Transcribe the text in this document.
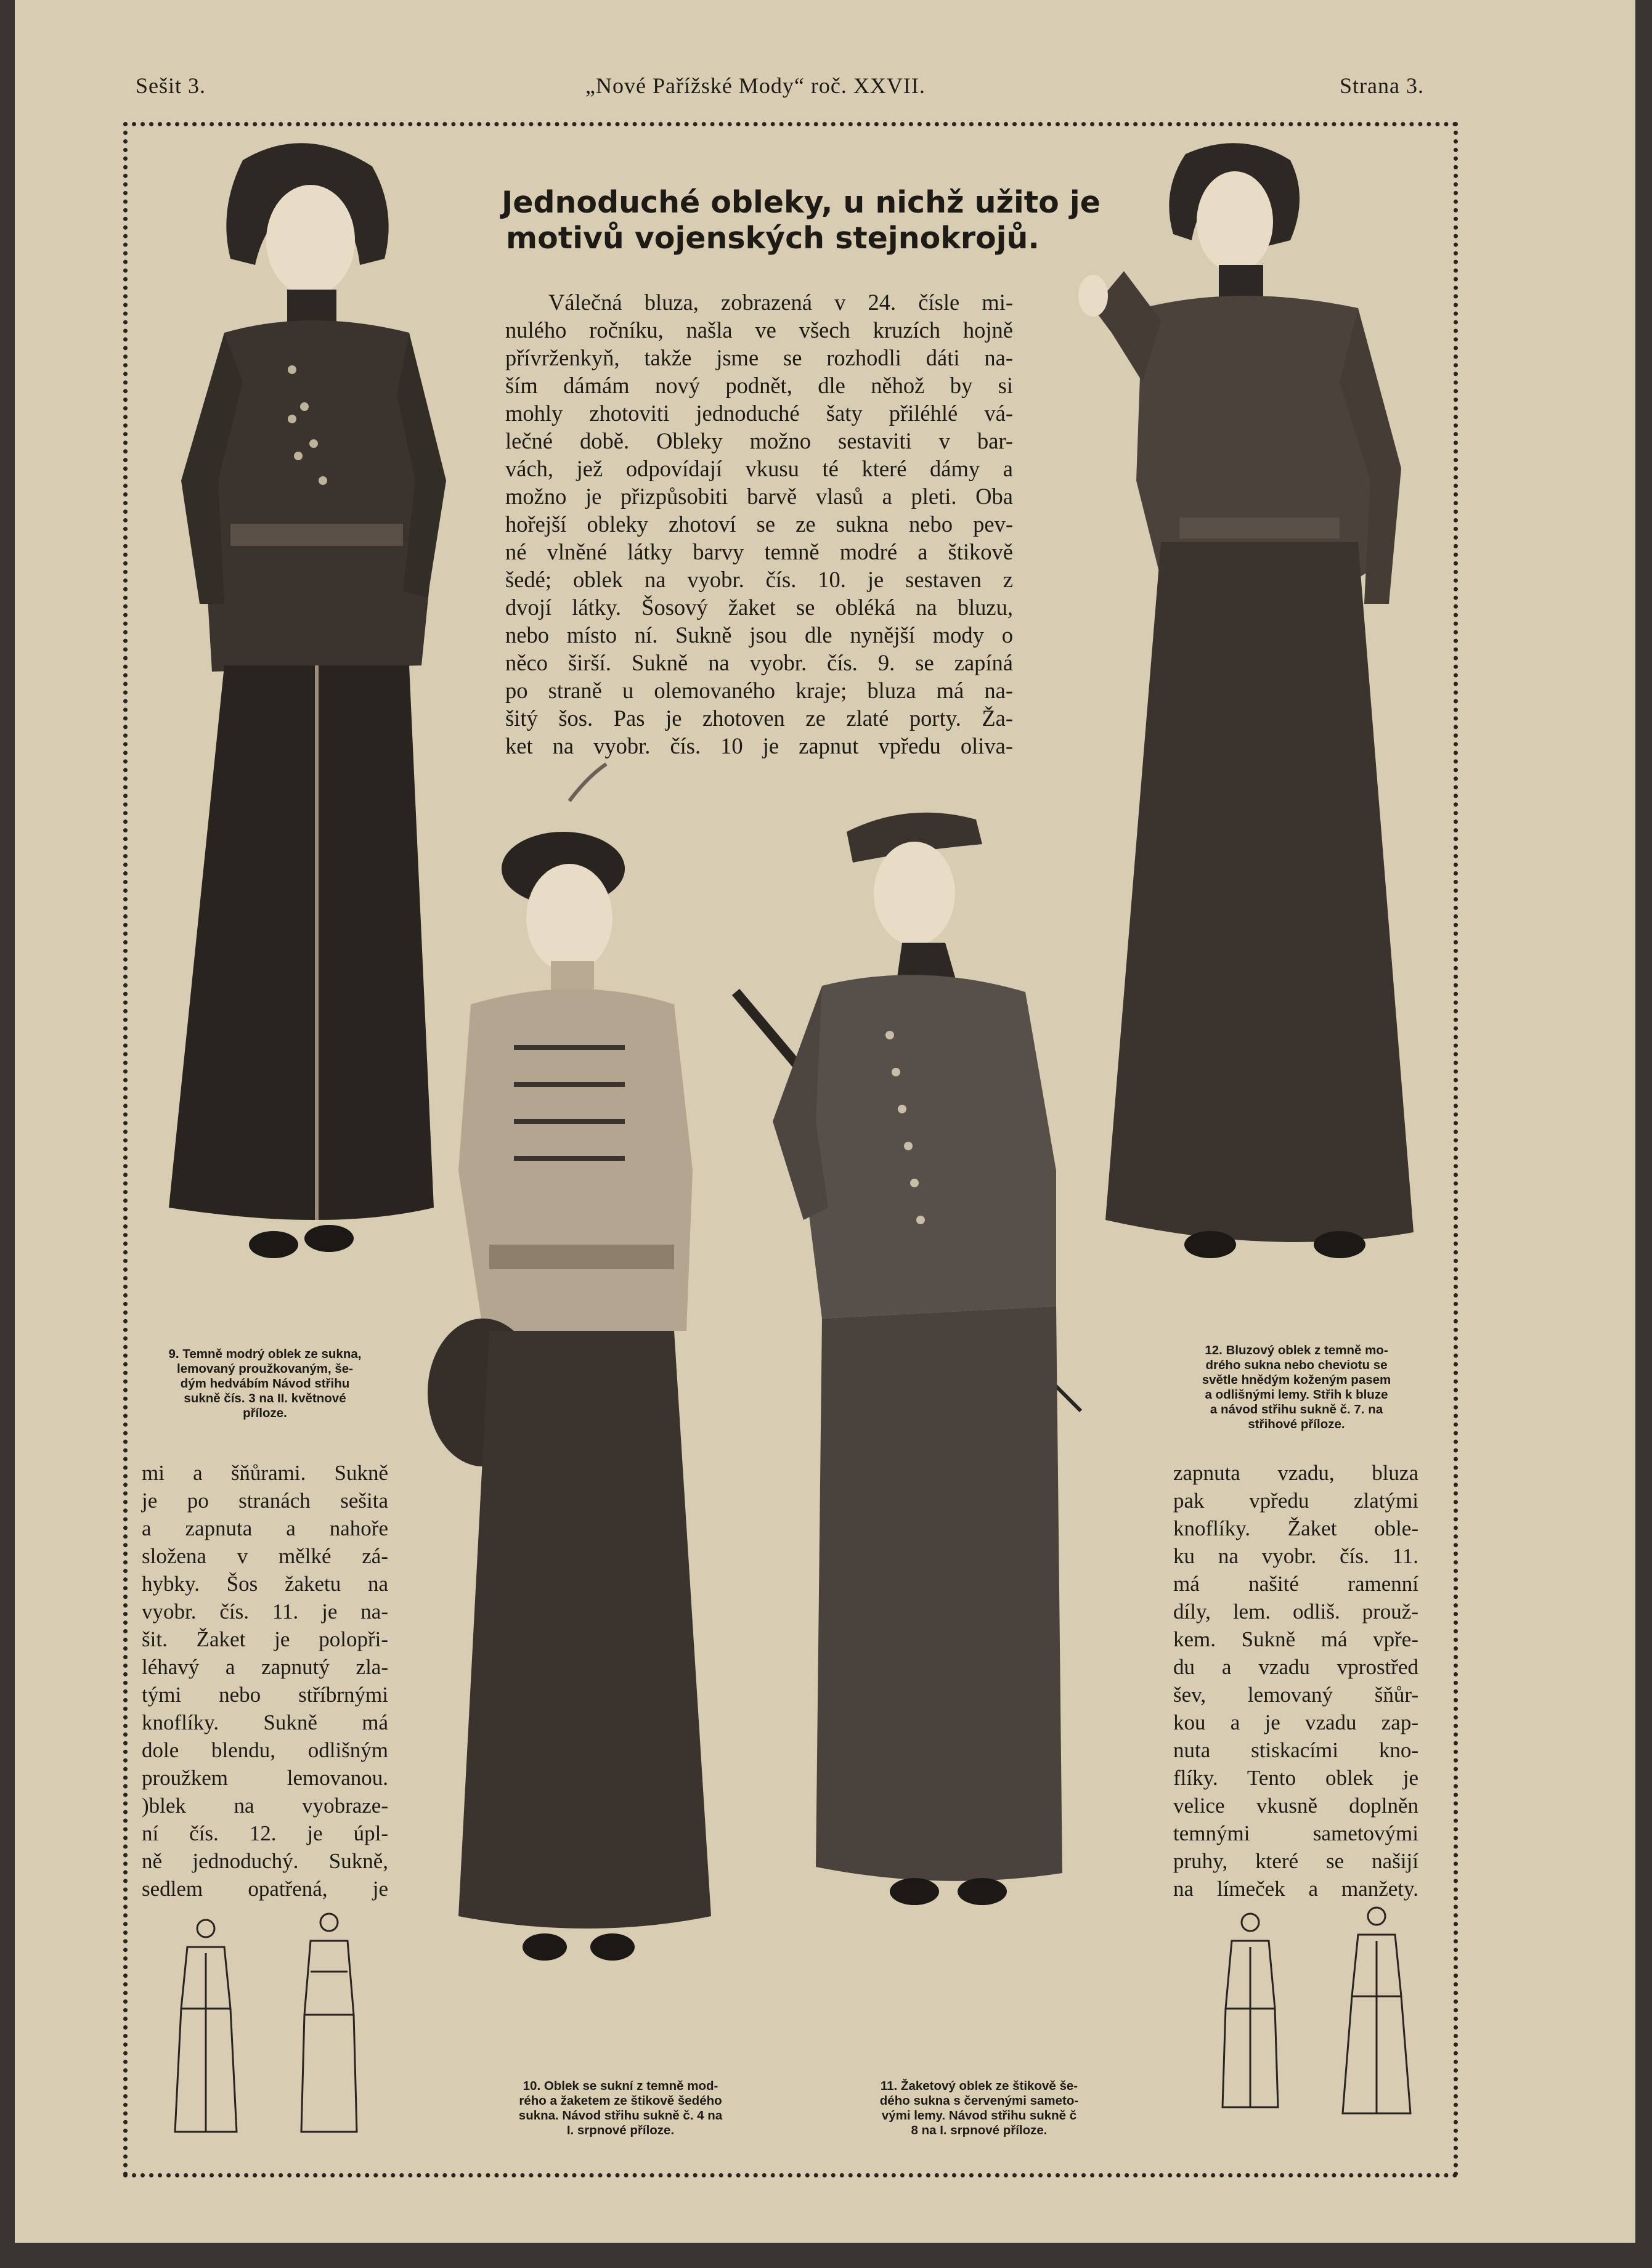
Sešit 3.	„Nové Pařížské Mody“ roč. XXVII.	Strana 3.
Jednoduché obleky, u nichž užito je
motivů vojenských stejnokrojů.
Válečná bluza, zobrazená v 24. čísle mi-
nulého ročníku, našla ve všech kruzích hojně
přívrženkyň, takže jsme se rozhodli dáti na-
ším dámám nový podnět, dle něhož by si
mohly zhotoviti jednoduché šaty přiléhlé vá-
lečné době. Obleky možno sestaviti v bar-
vách, jež odpovídají vkusu té které dámy a
možno je přizpůsobiti barvě vlasů a pleti. Oba
hořejší obleky zhotoví se ze sukna nebo pev-
né vlněné látky barvy temně modré a štikově
šedé; oblek na vyobr. čís. 10. je sestaven z
dvojí látky. Šosový žaket se obléká na bluzu,
nebo místo ní. Sukně jsou dle nynější mody o
něco širší. Sukně na vyobr. čís. 9. se zapíná
po straně u olemovaného kraje; bluza má na-
šitý šos. Pas je zhotoven ze zlaté porty. Ža-
ket na vyobr. čís. 10 je zapnut vpředu oliva-
mi a šňůrami. Sukně
je po stranách sešita
a zapnuta a nahoře
složena v mělké zá-
hybky. Šos žaketu na
vyobr. čís. 11. je na-
šit. Žaket je polopři-
léhavý a zapnutý zla-
tými nebo stříbrnými
knoflíky. Sukně má
dole blendu, odlišným
proužkem lemovanou.
)blek na vyobraze-
ní čís. 12. je úpl-
ně jednoduchý. Sukně,
sedlem opatřená, je
zapnuta vzadu, bluza
pak vpředu zlatými
knoflíky. Žaket oble-
ku na vyobr. čís. 11.
má našité ramenní
díly, lem. odliš. prouž-
kem. Sukně má vpře-
du a vzadu vprostřed
šev, lemovaný šňůr-
kou a je vzadu zap-
nuta stiskacími kno-
flíky. Tento oblek je
velice vkusně doplněn
temnými sametovými
pruhy, které se našijí
na límeček a manžety.
9. Temně modrý oblek ze sukna,
lemovaný proužkovaným, še-
dým hedvábím Návod střihu
sukně čís. 3 na II. květnové
příloze.
10. Oblek se sukní z temně mod-
rého a žaketem ze štikově šedého
sukna. Návod střihu sukně č. 4 na
I. srpnové příloze.
11. Žaketový oblek ze štikově še-
dého sukna s červenými sameto-
vými lemy. Návod střihu sukně č
8 na I. srpnové příloze.
12. Bluzový oblek z temně mo-
drého sukna nebo cheviotu se
světle hnědým koženým pasem
a odlišnými lemy. Střih k bluze
a návod střihu sukně č. 7. na
střihové příloze.
